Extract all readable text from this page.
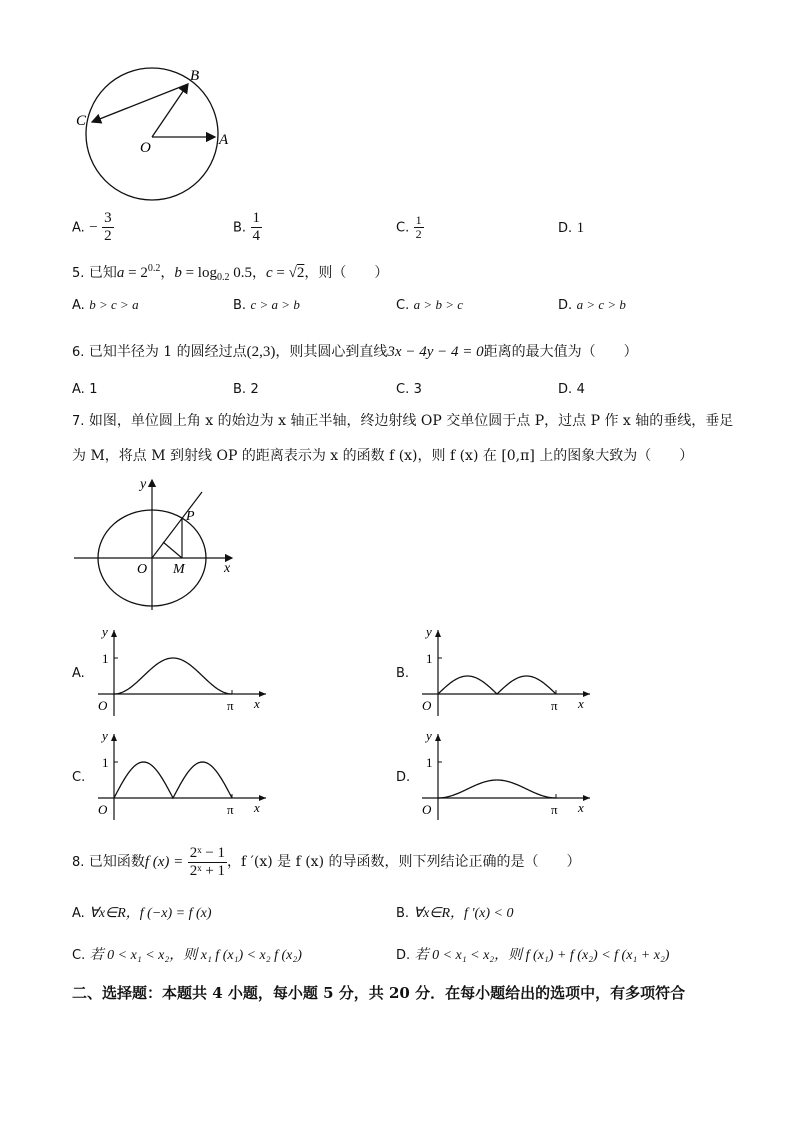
B
C
O	A
A. − $\frac{3}{2}$	B. $\frac{1}{4}$	C. $\frac{1}{2}$	D. 1
5. 已知$a = 2^{0.2}$，$b = \log_{0.2} 0.5$，c = √2，则（　　）
A. b > c > a	B. c > a > b	C. a > b > c	D. a > c > b
6. 已知半径为 1 的圆经过点(2,3)，则其圆心到直线3x − 4y − 4 = 0距离的最大值为（　　）
A. 1	B. 2	C. 3	D. 4
7. 如图，单位圆上角 x 的始边为 x 轴正半轴，终边射线 OP 交单位圆于点 P，过点 P 作 x 轴的垂线，垂足
为 M，将点 M 到射线 OP 的距离表示为 x 的函数 f (x)，则 f (x) 在 [0,π] 上的图象大致为（　　）
y
P
O M	x
A.
y
1
O	π x
B.
y
1
O	π x
C.
y
1
O	π x
D.
y
1
O	π x
8. 已知函数f $(x) = \frac{\text{2ˣ − 1}}{\text{2ˣ + 1}}$ ，f ′(x) 是 f (x) 的导函数，则下列结论正确的是（　　）
A. ∀x∈R，f (−x) = f (x)	B. ∀x∈R，f ′(x) < 0
C. 若 0 < x₁ < x₂，则 x₁ f (x₁) < x₂ f (x₂)	D. 若 0 < x₁ < x₂，则 f (x₁) + f (x₂) < f (x₁ + x₂)
二、选择题：本题共 4 小题，每小题 5 分，共 20 分．在每小题给出的选项中，有多项符合
